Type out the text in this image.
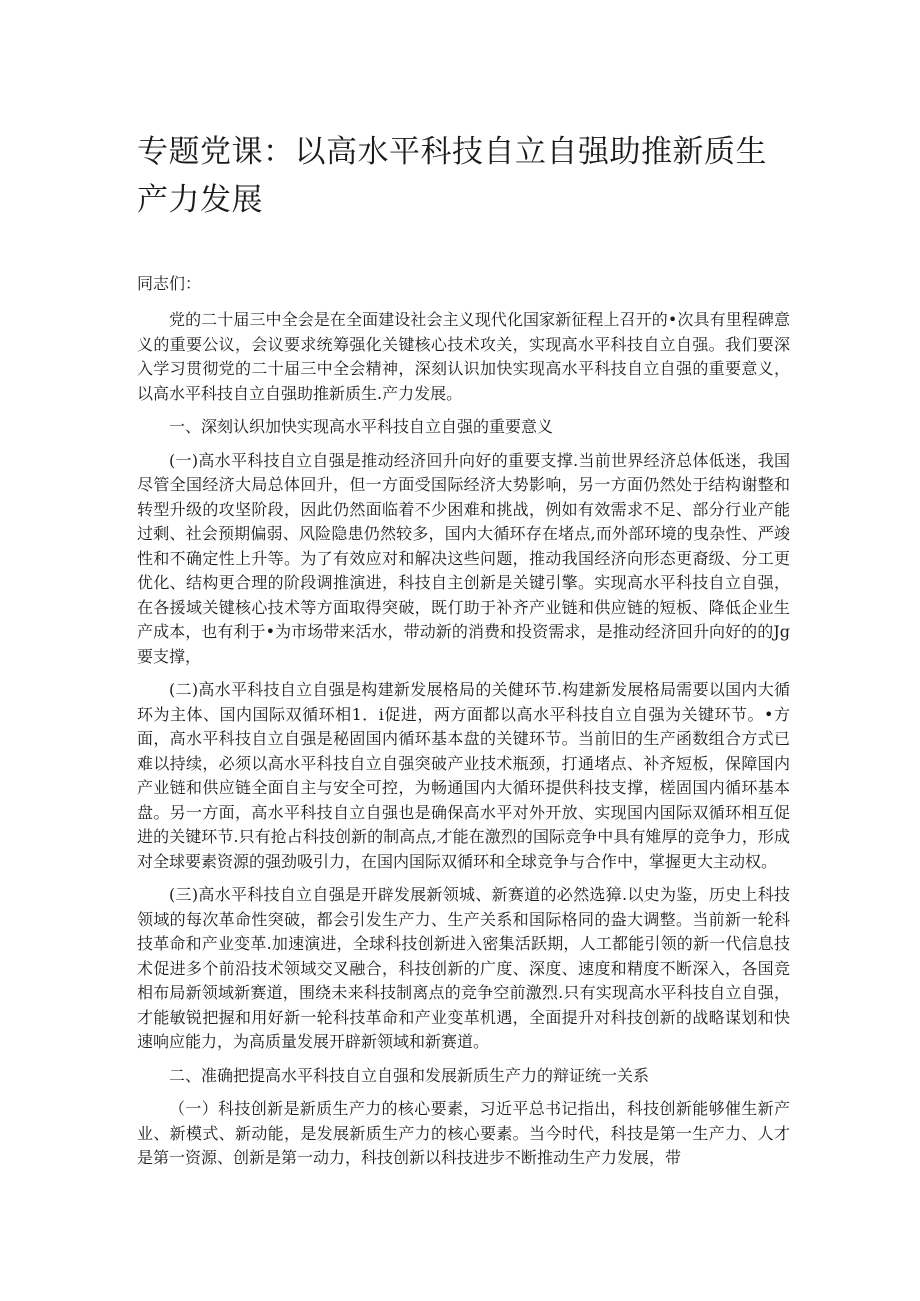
专题党课：以高水平科技自立自强助推新质生产力发展

同志们：

党的二十届三中全会是在全面建设社会主义现代化国家新征程上召开的•次具有里程碑意义的重要公议，会议要求统筹强化关键核心技术攻关，实现高水平科技自立自强。我们要深入学习贯彻党的二十届三中全会精神，深刻认识加快实现高水平科技自立自强的重要意义，以高水平科技自立自强助推新质生.产力发展。

一、深刻认织加快实现高水平科技自立自强的重要意义

(一)高水平科技自立自强是推动经济回升向好的重要支撑.当前世界经济总体低迷，我国尽管全国经济大局总体回升，但一方面受国际经济大势影响，另一方面仍然处于结构谢整和转型升级的攻坚阶段，因此仍然面临着不少困难和挑战，例如有效需求不足、部分行业产能过剩、社会预期偏弱、风险隐患仍然较多，国内大循环存在堵点,而外部环境的曳杂性、严竣性和不确定性上升等。为了有效应对和解决这些问题，推动我国经济向形态更裔级、分工更优化、结构更合理的阶段调推演进，科技自主创新是关键引擎。实现高水平科技自立自强，在各援域关键核心技术等方面取得突破，既仃助于补齐产业链和供应链的短板、降低企业生产成本，也有利于•为市场带来活水，带动新的消费和投资需求，是推动经济回升向好的的Jg要支撑，

(二)高水平科技自立自强是构建新发展格局的关健环节.构建新发展格局需要以国内大循环为主体、国内国际双循环相1．i促进，两方面都以高水平科技自立自强为关键环节。•方面，高水平科技自立自强是秘固国内循环基本盘的关键环节。当前旧的生产函数组合方式已难以持续，必须以高水平科技自立自强突破产业技术瓶颈，打通堵点、补齐短板，保障国内产业链和供应链全面自主与安全可控，为畅通国内大循环提供科技支撑，槎固国内循环基本盘。另一方面，高水平科技自立自强也是确保高水平对外开放、实现国内国际双循环相互促进的关键环节.只有抢占科技创新的制高点,才能在激烈的国际竞争中具有雉厚的竞争力，形成对全球要素资源的强劲吸引力，在国内国际双循环和全球竞争与合作中，掌握更大主动权。

(三)高水平科技自立自强是开辟发展新领城、新赛道的必然选獐.以史为鉴，历史上科技领域的每次革命性突破，都会引发生产力、生产关系和国际格同的盎大调整。当前新一轮科技革命和产业变革.加速演进，全球科技创新进入密集活跃期，人工都能引领的新一代信息技术促进多个前沿技术领域交叉融合，科技创新的广度、深度、速度和精度不断深入，各国竞相布局新领域新赛道，围绕未来科技制离点的竞争空前激烈.只有实现高水平科技自立自强，才能敏锐把握和用好新一轮科技革命和产业变革机遇，全面提升对科技创新的战略谋划和快速响应能力，为高质量发展开辟新领域和新赛道。

二、准确把提高水平科技自立自强和发展新质生产力的辩证统一关系

（一）科技创新是新质生产力的核心要素，习近平总书记指出，科技创新能够催生新产业、新模式、新动能，是发展新质生产力的核心要素。当今时代，科技是第一生产力、人才是第一资源、创新是第一动力，科技创新以科技进步不断推动生产力发展，带
